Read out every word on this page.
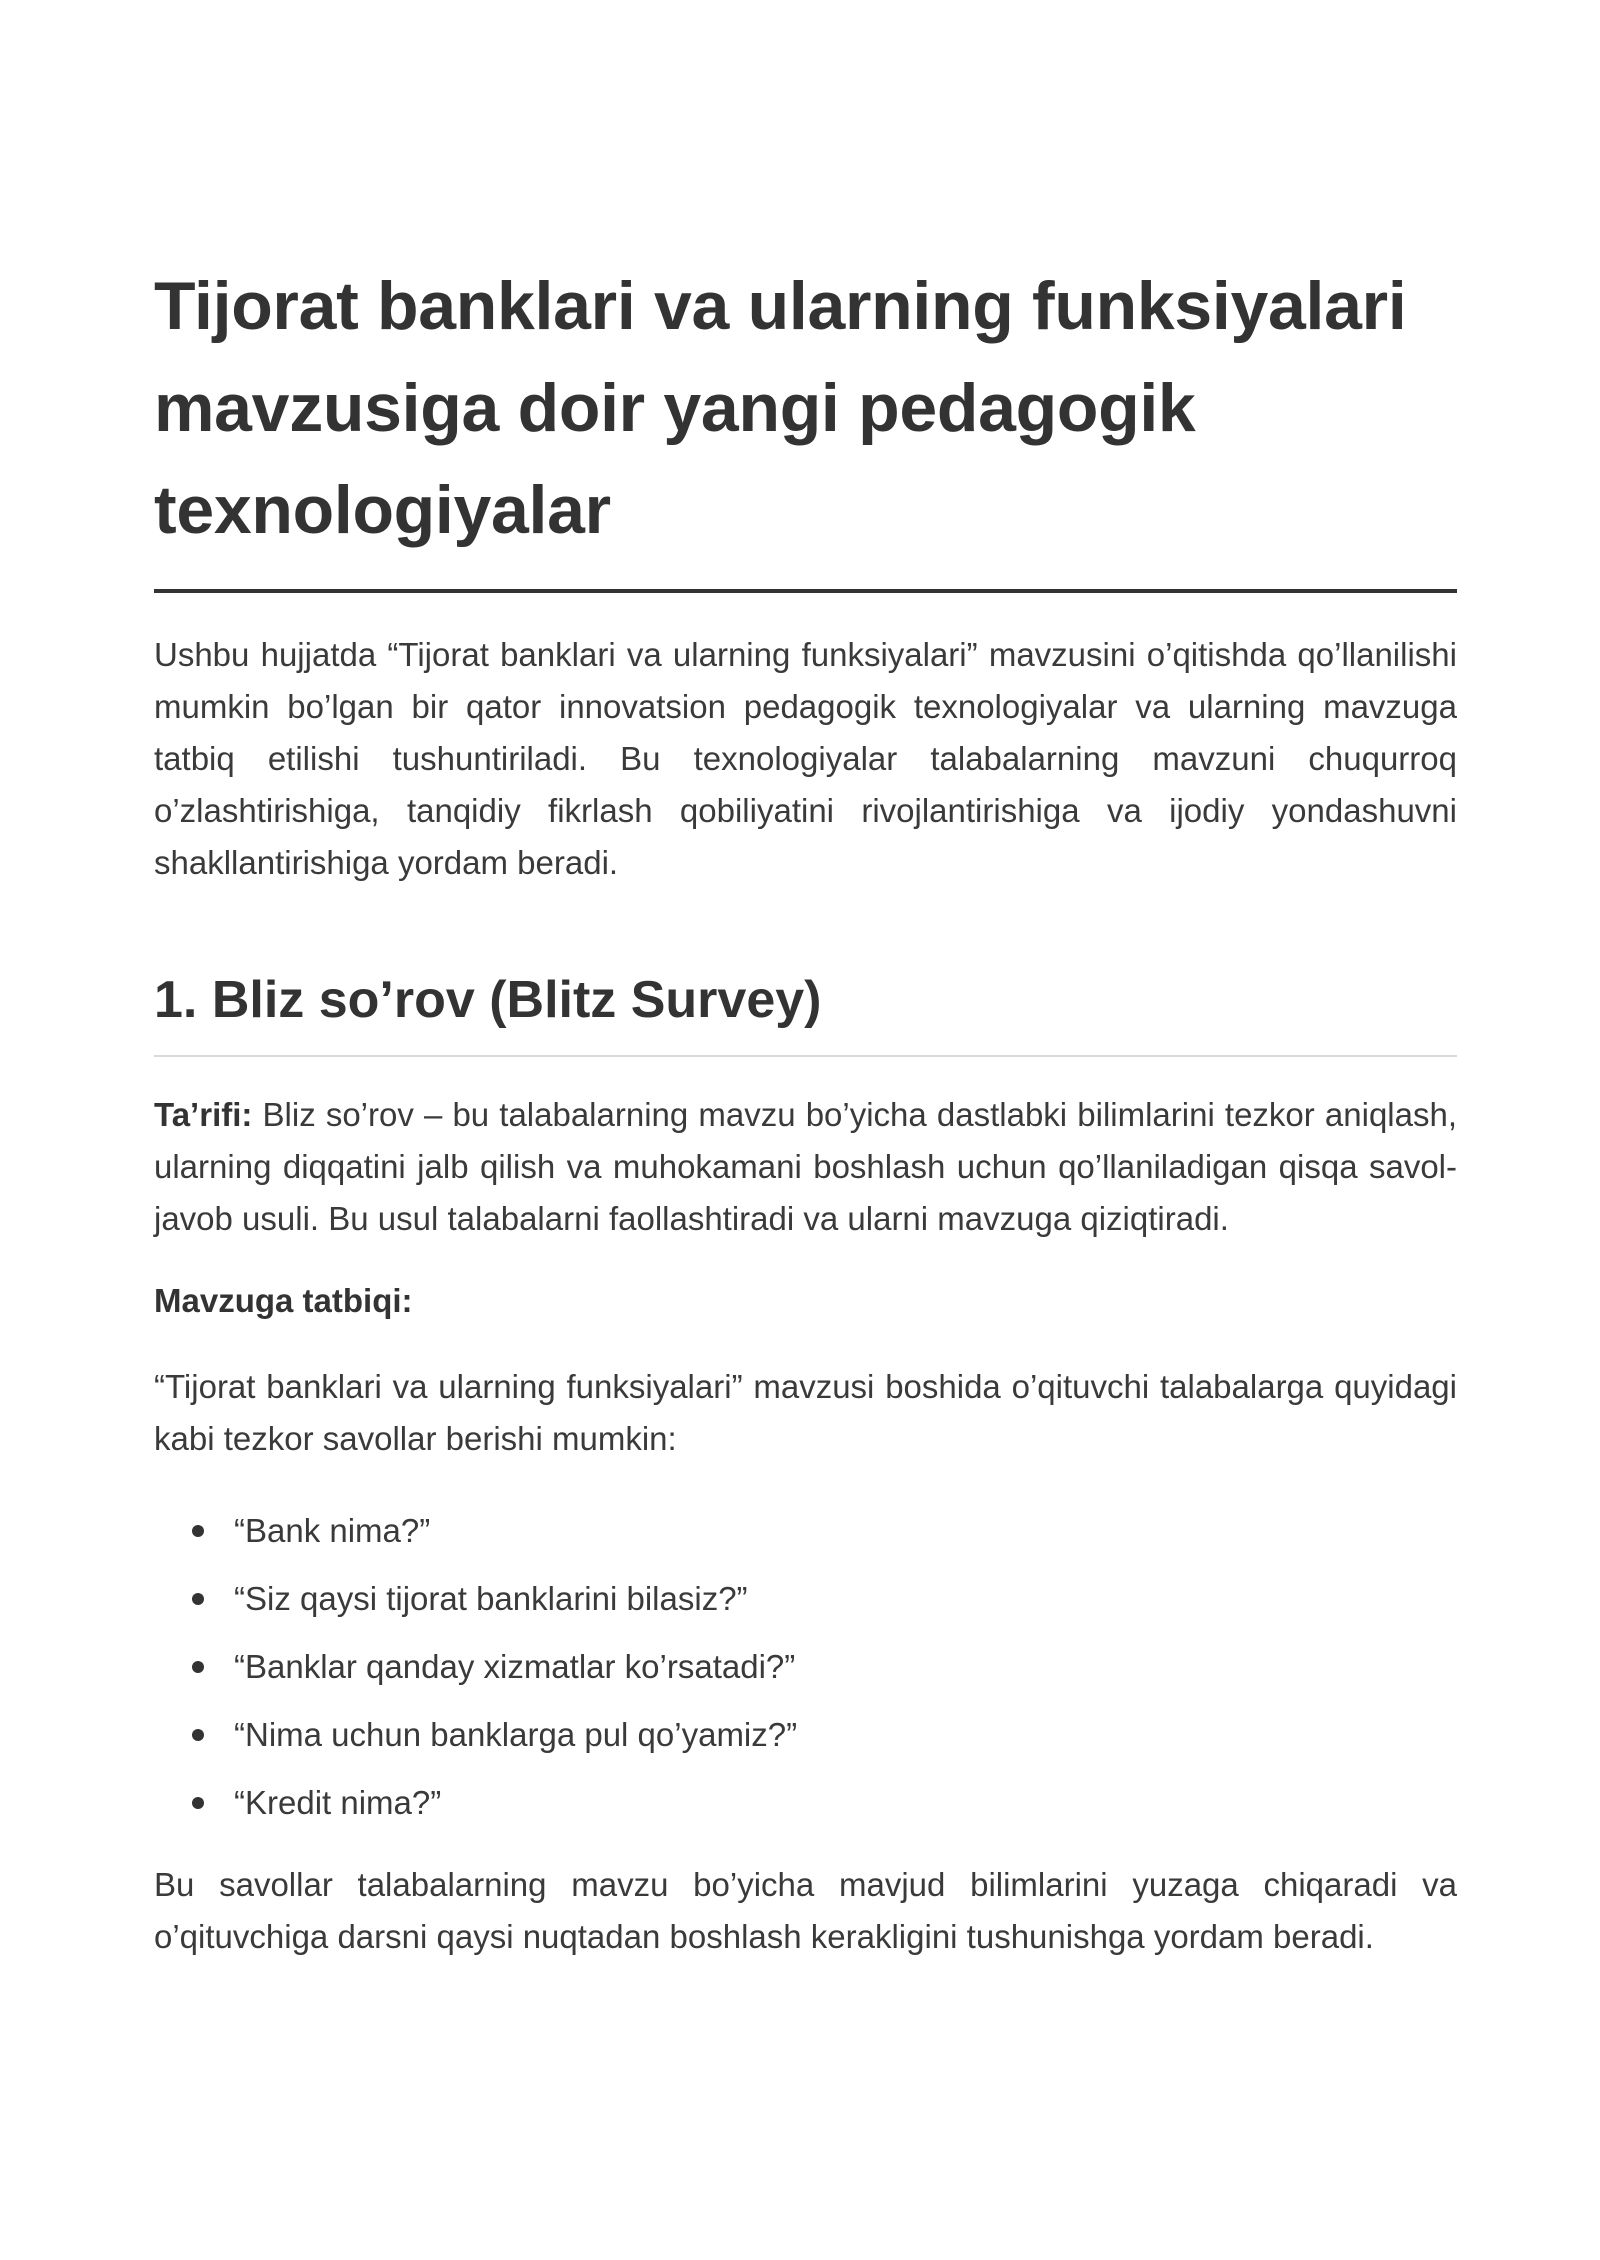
Tijorat banklari va ularning funksiyalari mavzusiga doir yangi pedagogik texnologiyalar

Ushbu hujjatda “Tijorat banklari va ularning funksiyalari” mavzusini o’qitishda qo’llanilishi mumkin bo’lgan bir qator innovatsion pedagogik texnologiyalar va ularning mavzuga tatbiq etilishi tushuntiriladi. Bu texnologiyalar talabalarning mavzuni chuqurroq o’zlashtirishiga, tanqidiy fikrlash qobiliyatini rivojlantirishiga va ijodiy yondashuvni shakllantirishiga yordam beradi.

1. Bliz so’rov (Blitz Survey)

Ta’rifi: Bliz so’rov – bu talabalarning mavzu bo’yicha dastlabki bilimlarini tezkor aniqlash, ularning diqqatini jalb qilish va muhokamani boshlash uchun qo’llaniladigan qisqa savol-javob usuli. Bu usul talabalarni faollashtiradi va ularni mavzuga qiziqtiradi.

Mavzuga tatbiqi:

“Tijorat banklari va ularning funksiyalari” mavzusi boshida o’qituvchi talabalarga quyidagi kabi tezkor savollar berishi mumkin:

“Bank nima?”
“Siz qaysi tijorat banklarini bilasiz?”
“Banklar qanday xizmatlar ko’rsatadi?”
“Nima uchun banklarga pul qo’yamiz?”
“Kredit nima?”

Bu savollar talabalarning mavzu bo’yicha mavjud bilimlarini yuzaga chiqaradi va o’qituvchiga darsni qaysi nuqtadan boshlash kerakligini tushunishga yordam beradi.
